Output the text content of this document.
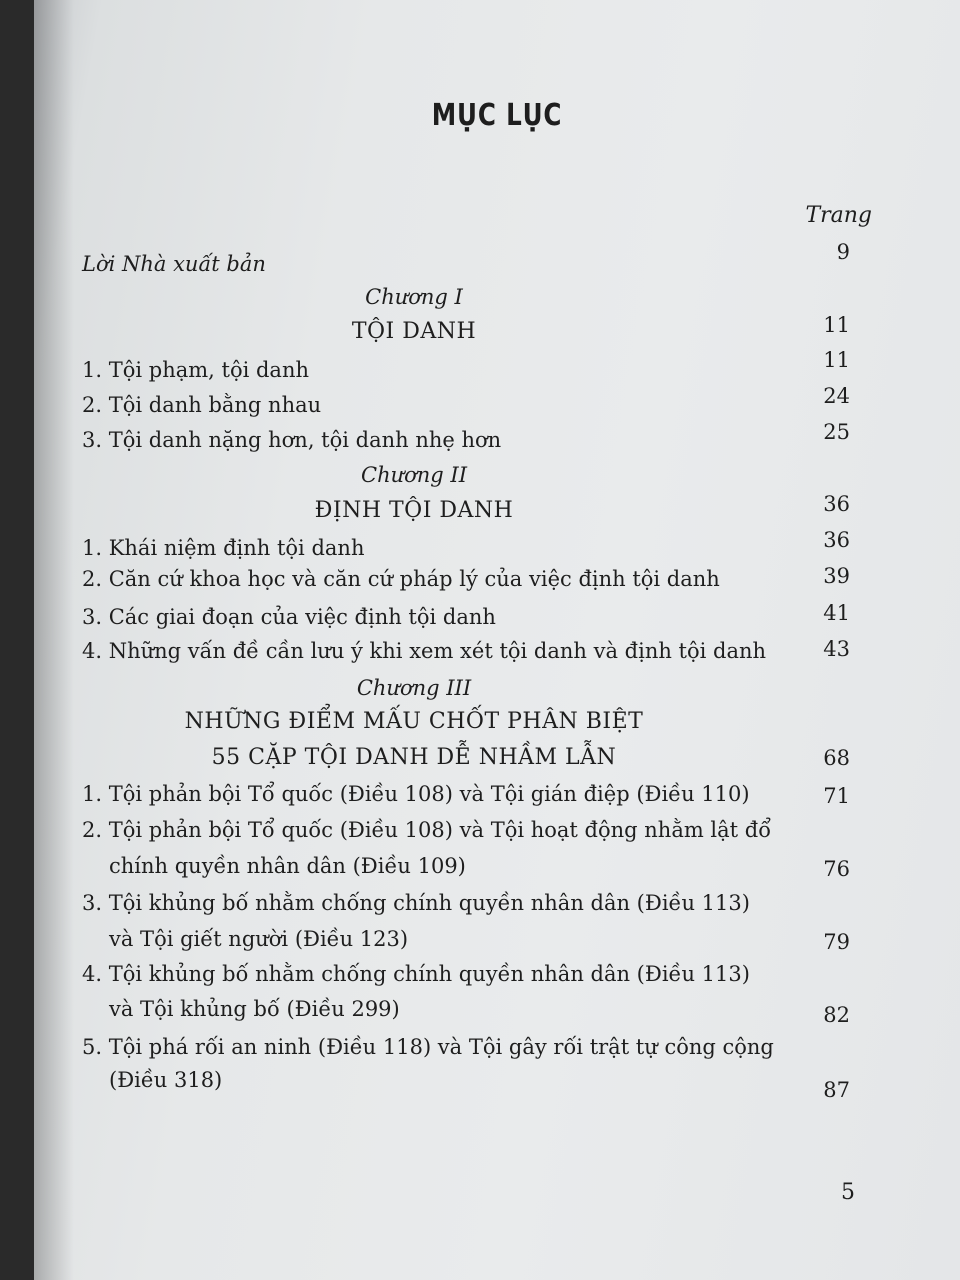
MỤC LỤC
Trang
Lời Nhà xuất bản	9
Chương I
TỘI DANH	11
1. Tội phạm, tội danh	11
2. Tội danh bằng nhau	24
3. Tội danh nặng hơn, tội danh nhẹ hơn	25
Chương II
ĐỊNH TỘI DANH	36
1. Khái niệm định tội danh	36
2. Căn cứ khoa học và căn cứ pháp lý của việc định tội danh	39
3. Các giai đoạn của việc định tội danh	41
4. Những vấn đề cần lưu ý khi xem xét tội danh và định tội danh	43
Chương III
NHỮNG ĐIỂM MẤU CHỐT PHÂN BIỆT
55 CẶP TỘI DANH DỄ NHẦM LẪN	68
1. Tội phản bội Tổ quốc (Điều 108) và Tội gián điệp (Điều 110)	71
2. Tội phản bội Tổ quốc (Điều 108) và Tội hoạt động nhằm lật đổ
chính quyền nhân dân (Điều 109)	76
3. Tội khủng bố nhằm chống chính quyền nhân dân (Điều 113)
và Tội giết người (Điều 123)	79
4. Tội khủng bố nhằm chống chính quyền nhân dân (Điều 113)
và Tội khủng bố (Điều 299)	82
5. Tội phá rối an ninh (Điều 118) và Tội gây rối trật tự công cộng
(Điều 318)	87
5
